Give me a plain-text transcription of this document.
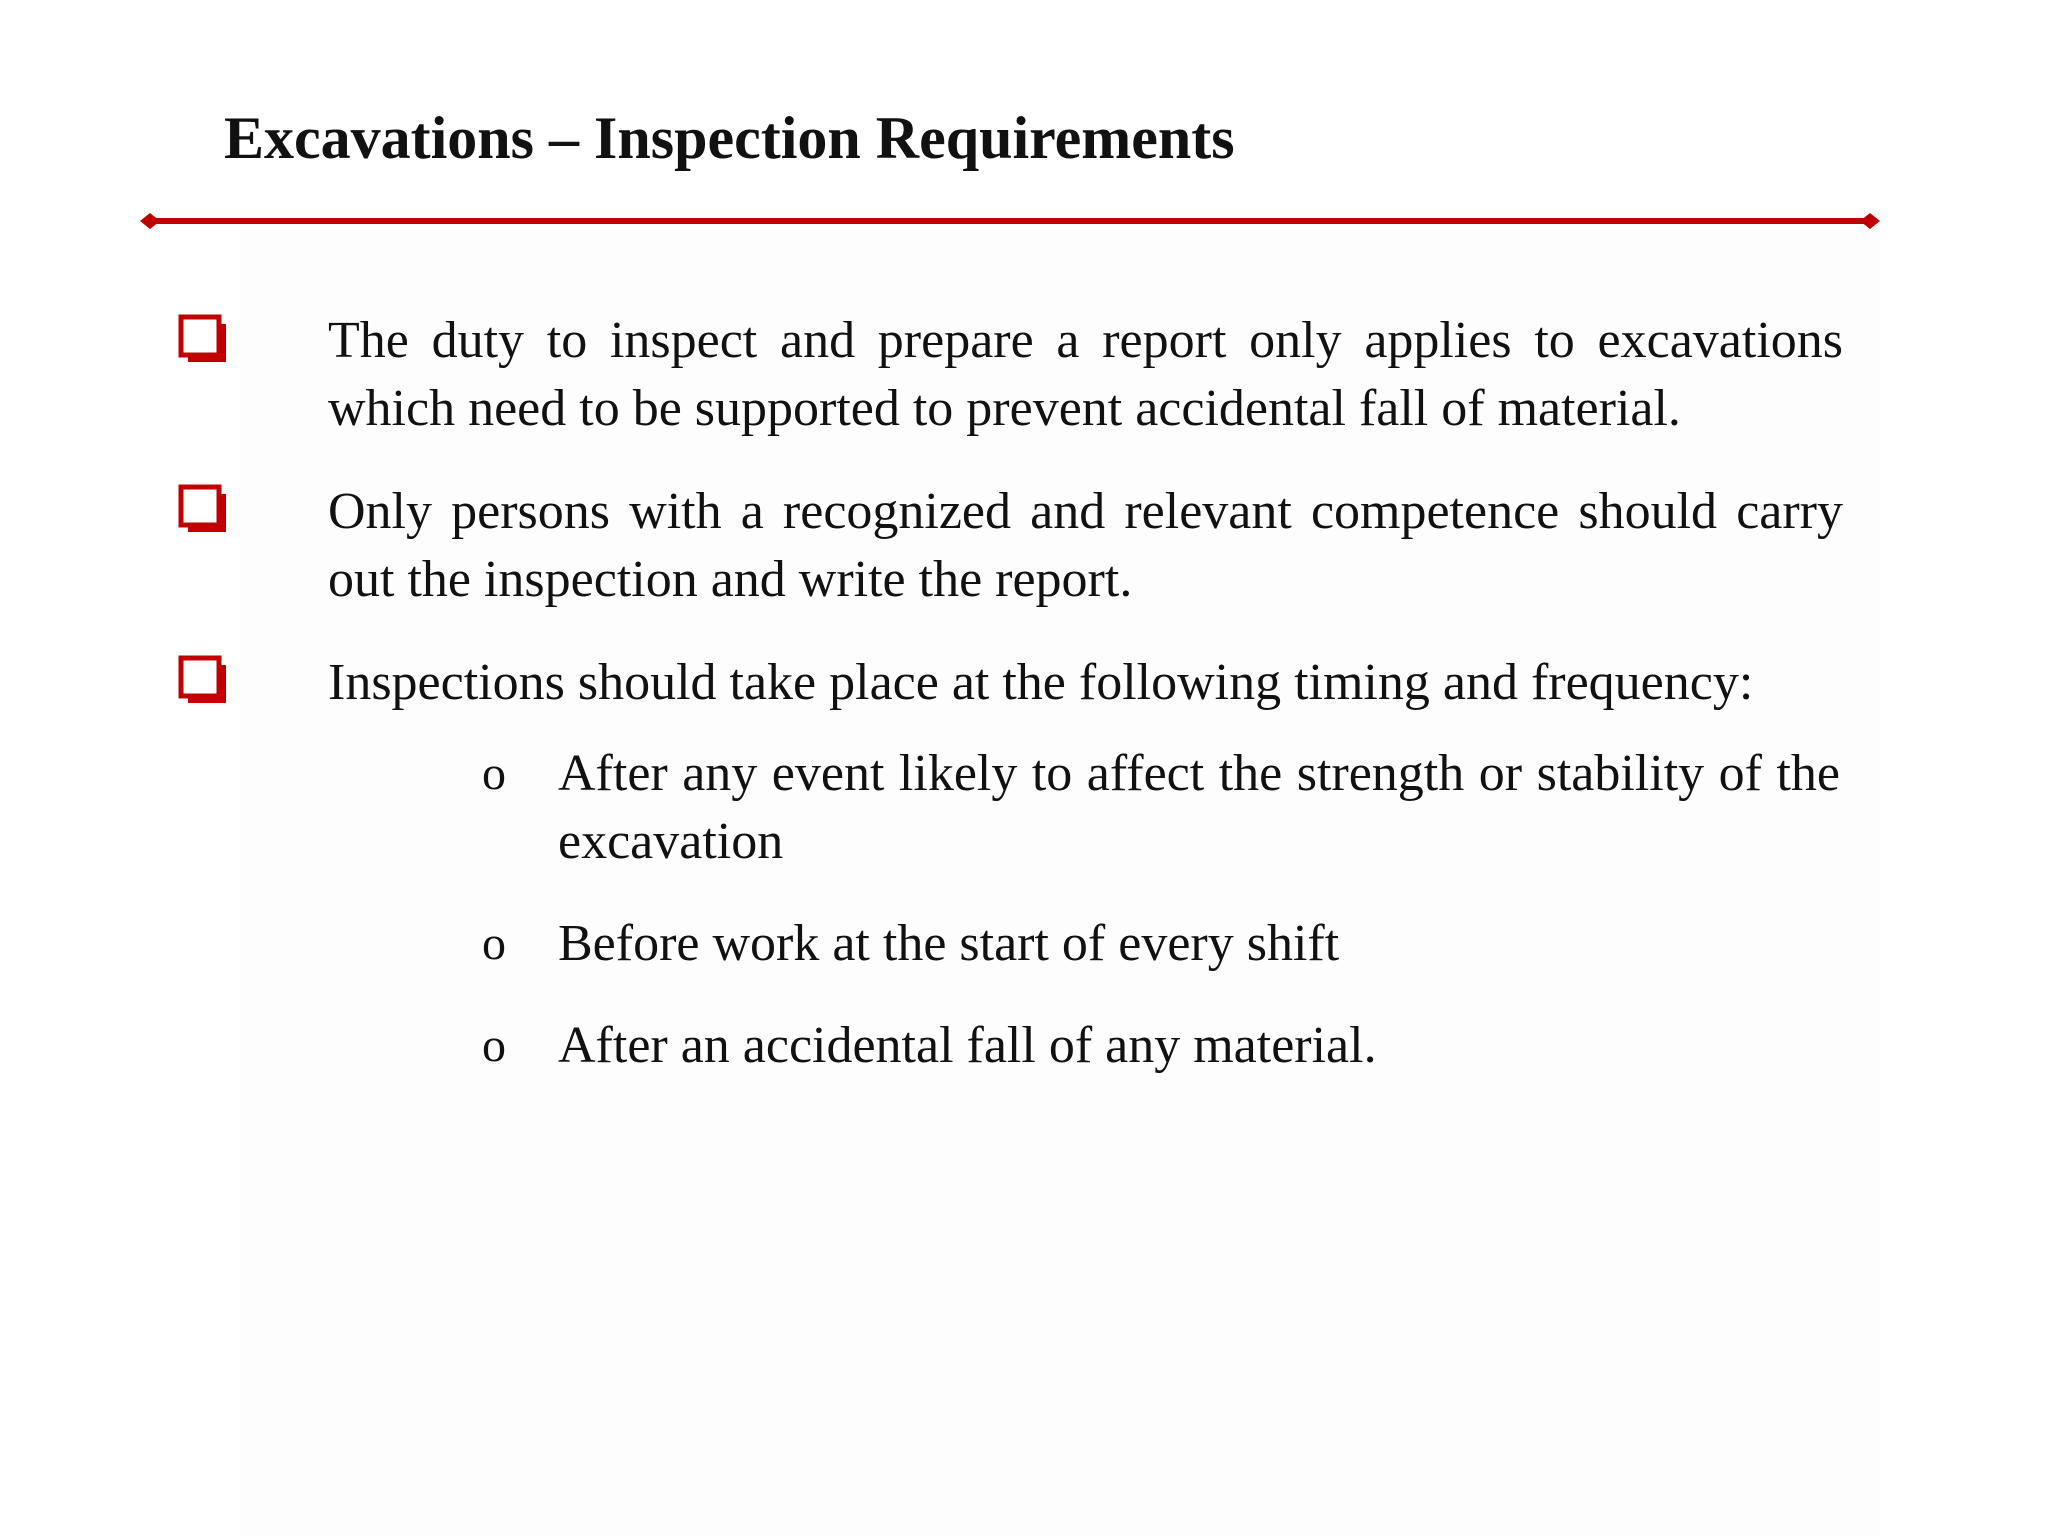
Excavations – Inspection Requirements

The duty to inspect and prepare a report only applies to excavations which need to be supported to prevent accidental fall of material.

Only persons with a recognized and relevant competence should carry out the inspection and write the report.

Inspections should take place at the following timing and frequency:

o After any event likely to affect the strength or stability of the excavation

o Before work at the start of every shift

o After an accidental fall of any material.
